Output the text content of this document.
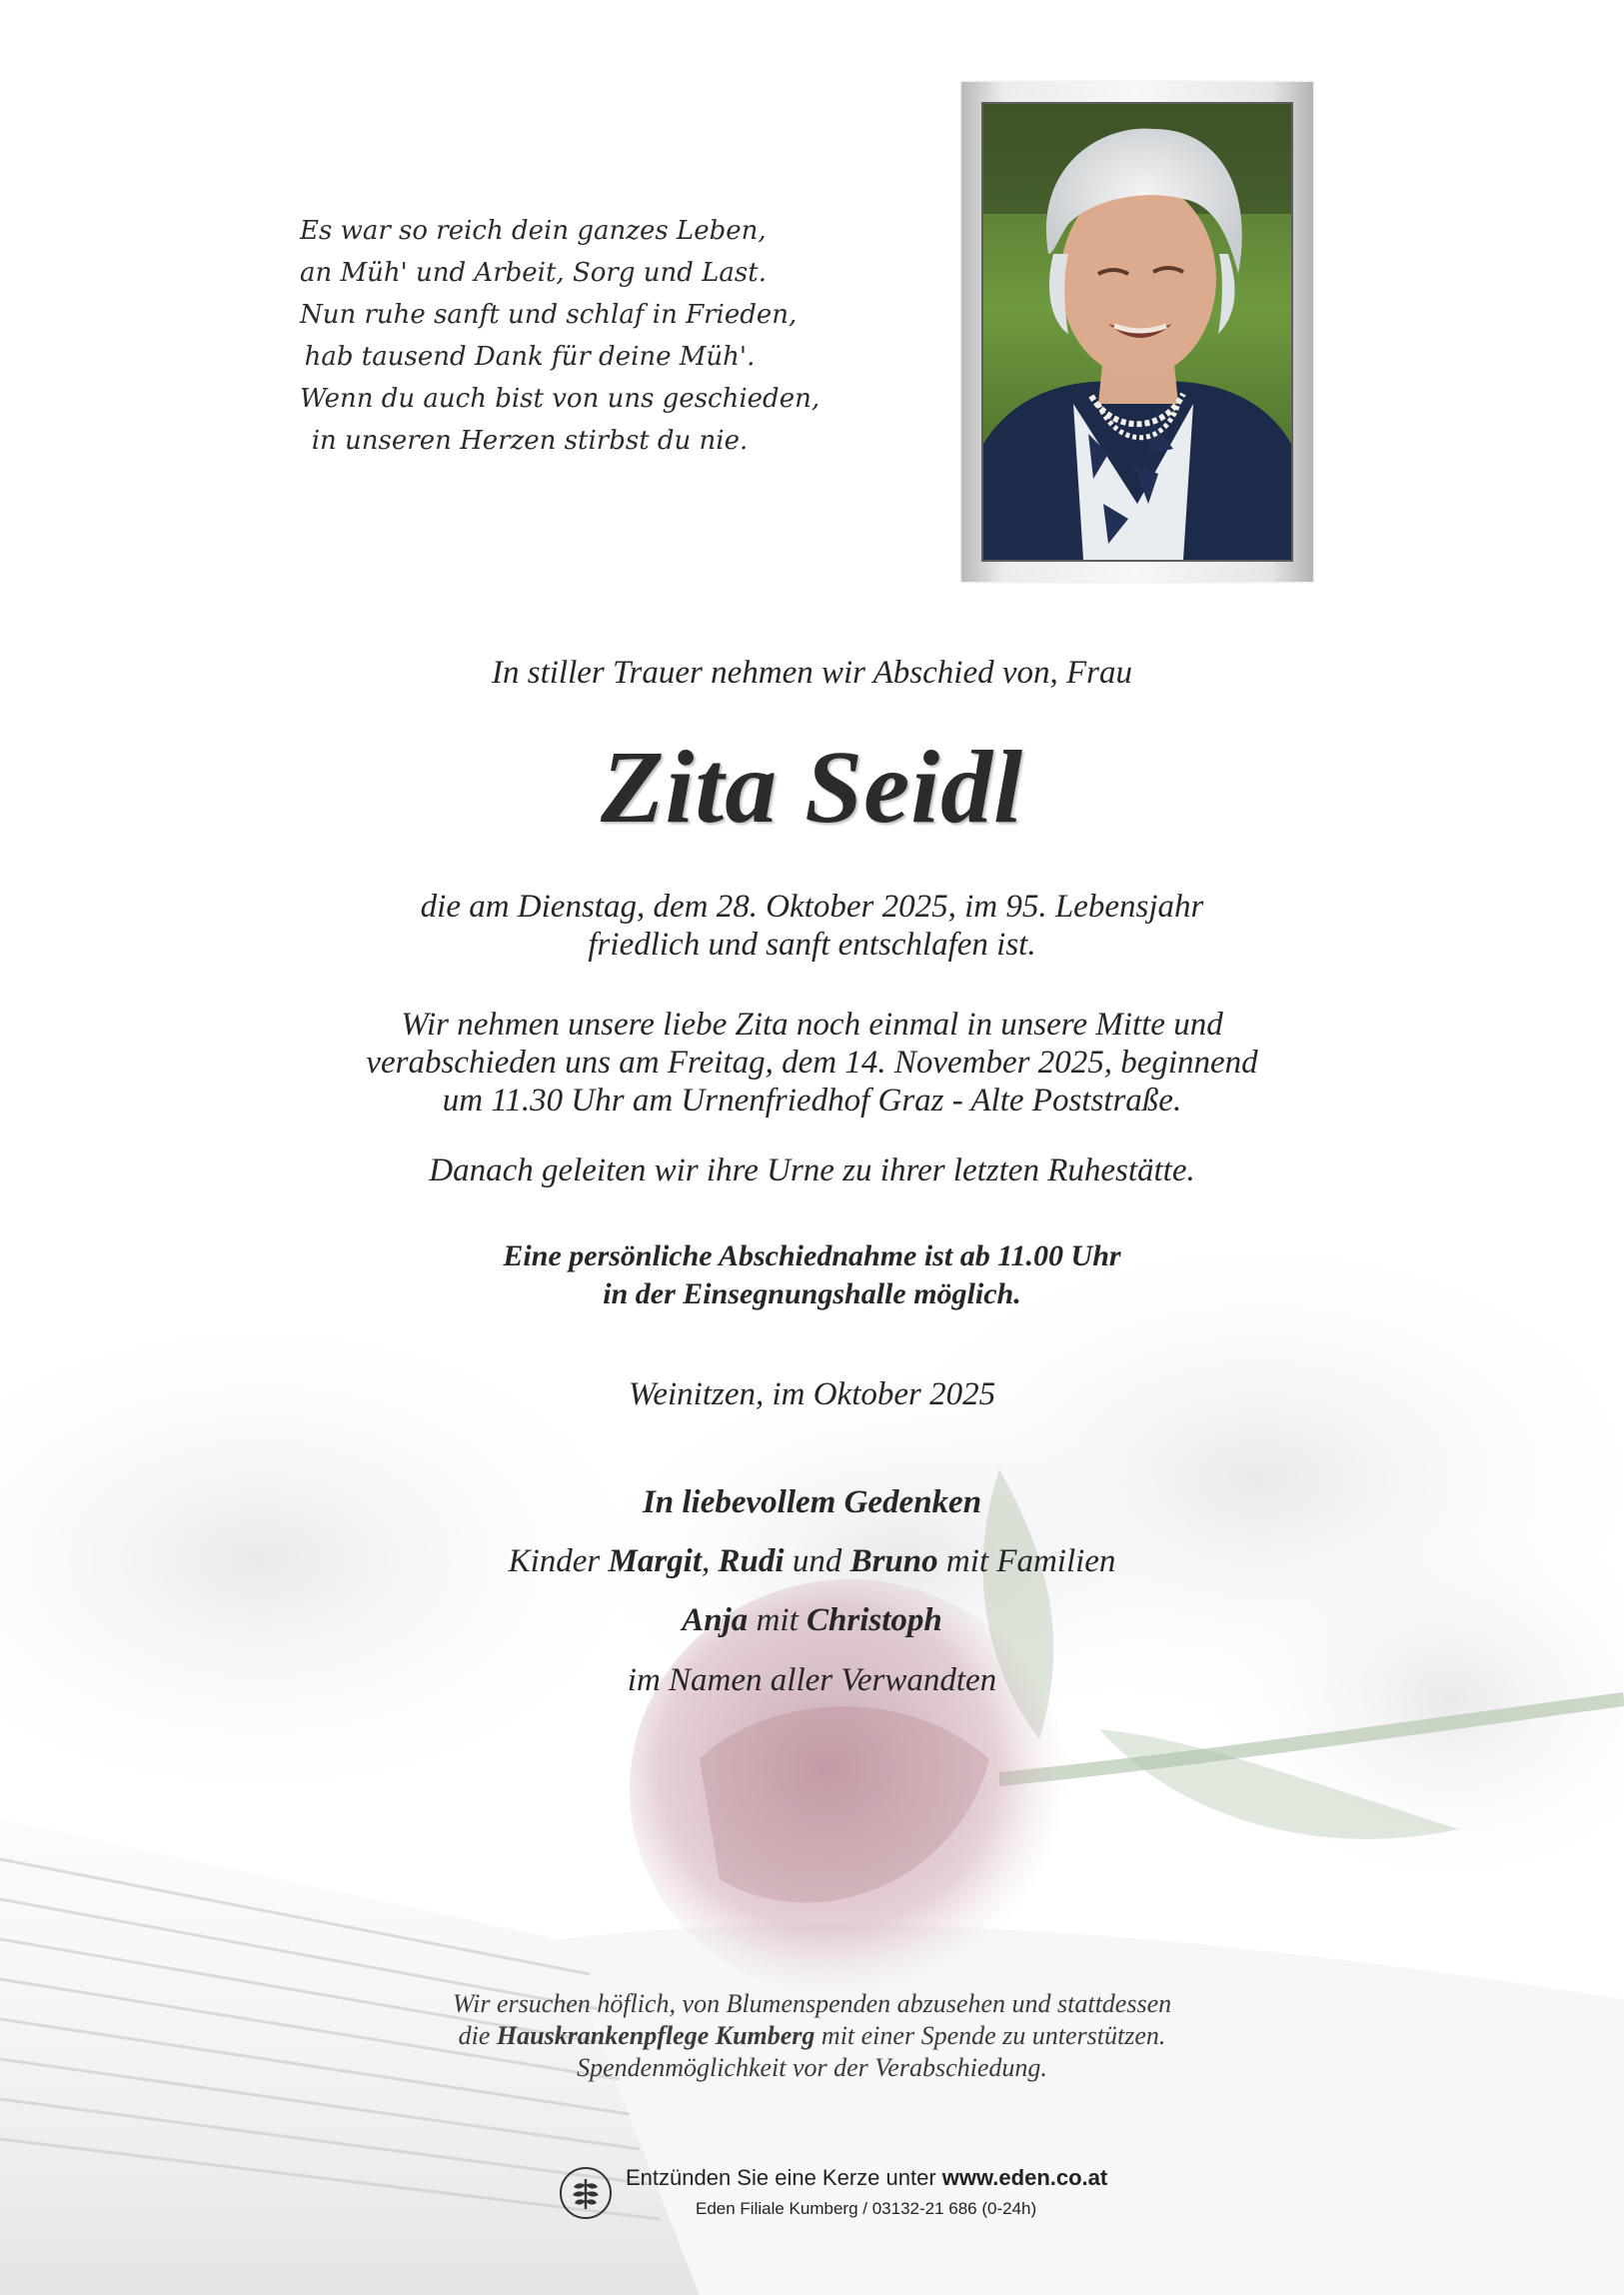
Es war so reich dein ganzes Leben,
an Müh' und Arbeit, Sorg und Last.
Nun ruhe sanft und schlaf in Frieden,
hab tausend Dank für deine Müh'.
Wenn du auch bist von uns geschieden,
in unseren Herzen stirbst du nie.
In stiller Trauer nehmen wir Abschied von, Frau
Zita Seidl
die am Dienstag, dem 28. Oktober 2025, im 95. Lebensjahr
friedlich und sanft entschlafen ist.
Wir nehmen unsere liebe Zita noch einmal in unsere Mitte und
verabschieden uns am Freitag, dem 14. November 2025, beginnend
um 11.30 Uhr am Urnenfriedhof Graz - Alte Poststraße.
Danach geleiten wir ihre Urne zu ihrer letzten Ruhestätte.
Eine persönliche Abschiednahme ist ab 11.00 Uhr
in der Einsegnungshalle möglich.
Weinitzen, im Oktober 2025
In liebevollem Gedenken
Kinder Margit, Rudi und Bruno mit Familien
Anja mit Christoph
im Namen aller Verwandten
Wir ersuchen höflich, von Blumenspenden abzusehen und stattdessen
die Hauskrankenpflege Kumberg mit einer Spende zu unterstützen.
Spendenmöglichkeit vor der Verabschiedung.
Entzünden Sie eine Kerze unter www.eden.co.at
Eden Filiale Kumberg / 03132-21 686 (0-24h)
